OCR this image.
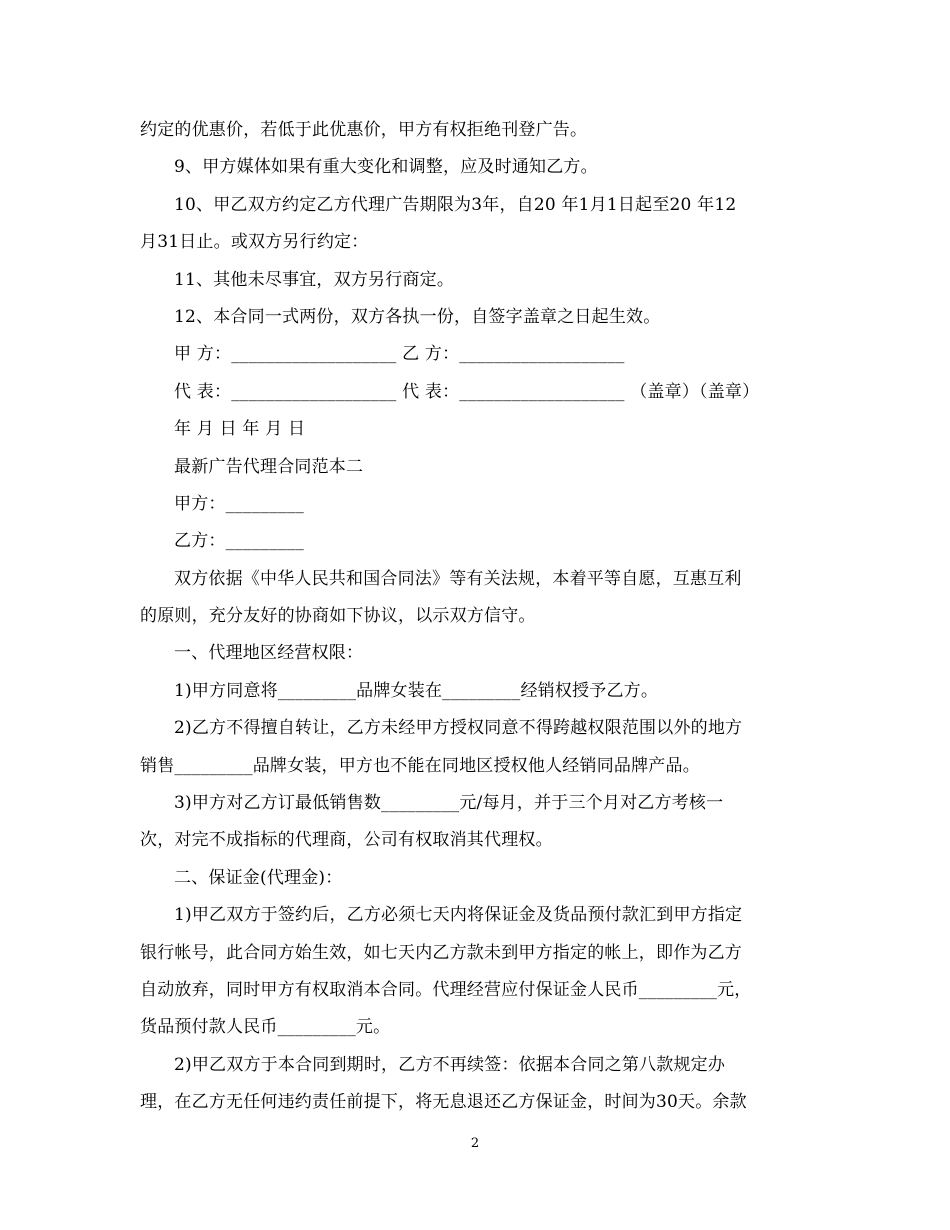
约定的优惠价，若低于此优惠价，甲方有权拒绝刊登广告。
9、甲方媒体如果有重大变化和调整，应及时通知乙方。
10、甲乙双方约定乙方代理广告期限为3年，自20 年1月1日起至20 年12
月31日止。或双方另行约定：
11、其他未尽事宜，双方另行商定。
12、本合同一式两份，双方各执一份，自签字盖章之日起生效。
甲 方：___________________ 乙 方：___________________
代 表：___________________ 代 表：___________________ （盖章）（盖章）
年 月 日 年 月 日
最新广告代理合同范本二
甲方：_________
乙方：_________
双方依据《中华人民共和国合同法》等有关法规，本着平等自愿，互惠互利
的原则，充分友好的协商如下协议，以示双方信守。
一、代理地区经营权限：
1)甲方同意将_________品牌女装在_________经销权授予乙方。
2)乙方不得擅自转让，乙方未经甲方授权同意不得跨越权限范围以外的地方
销售_________品牌女装，甲方也不能在同地区授权他人经销同品牌产品。
3)甲方对乙方订最低销售数_________元/每月，并于三个月对乙方考核一
次，对完不成指标的代理商，公司有权取消其代理权。
二、保证金(代理金)：
1)甲乙双方于签约后，乙方必须七天内将保证金及货品预付款汇到甲方指定
银行帐号，此合同方始生效，如七天内乙方款未到甲方指定的帐上，即作为乙方
自动放弃，同时甲方有权取消本合同。代理经营应付保证金人民币_________元，
货品预付款人民币_________元。
2)甲乙双方于本合同到期时，乙方不再续签：依据本合同之第八款规定办
理，在乙方无任何违约责任前提下，将无息退还乙方保证金，时间为30天。余款
2
